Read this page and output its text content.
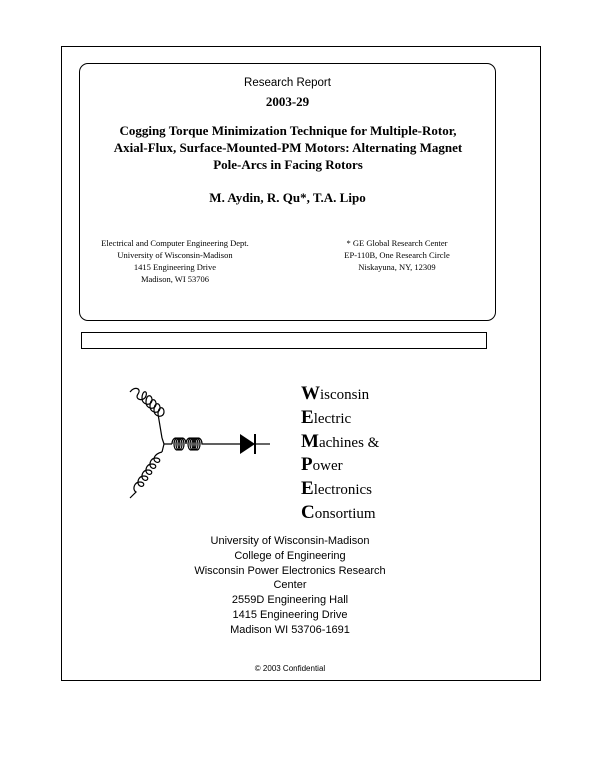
Research Report
2003-29
Cogging Torque Minimization Technique for Multiple-Rotor,
Axial-Flux, Surface-Mounted-PM Motors: Alternating Magnet
Pole-Arcs in Facing Rotors
M. Aydin, R. Qu*, T.A. Lipo
Electrical and Computer Engineering Dept.
University of Wisconsin-Madison
1415 Engineering Drive
Madison, WI 53706
* GE Global Research Center
EP-110B, One Research Circle
Niskayuna, NY, 12309
Wisconsin
Electric
Machines &
Power
Electronics
Consortium
University of Wisconsin-Madison
College of Engineering
Wisconsin Power Electronics Research
Center
2559D Engineering Hall
1415 Engineering Drive
Madison WI 53706-1691
© 2003 Confidential
